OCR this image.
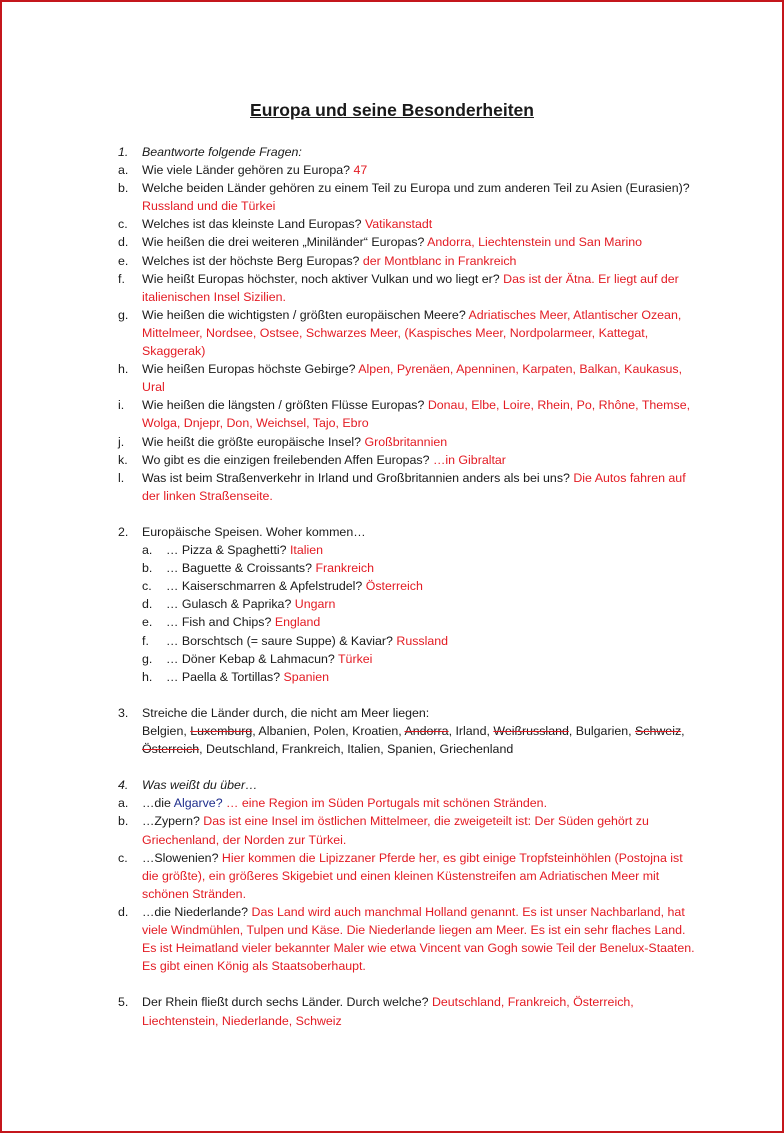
Europa und seine Besonderheiten
1.	Beantworte folgende Fragen:
a.	Wie viele Länder gehören zu Europa? 47
b.	Welche beiden Länder gehören zu einem Teil zu Europa und zum anderen Teil zu Asien (Eurasien)? Russland und die Türkei
c.	Welches ist das kleinste Land Europas? Vatikanstadt
d.	Wie heißen die drei weiteren „Miniländer“ Europas? Andorra, Liechtenstein und San Marino
e.	Welches ist der höchste Berg Europas? der Montblanc in Frankreich
f.	Wie heißt Europas höchster, noch aktiver Vulkan und wo liegt er? Das ist der Ätna. Er liegt auf der italienischen Insel Sizilien.
g.	Wie heißen die wichtigsten / größten europäischen Meere? Adriatisches Meer, Atlantischer Ozean, Mittelmeer, Nordsee, Ostsee, Schwarzes Meer, (Kaspisches Meer, Nordpolarmeer, Kattegat, Skaggerak)
h.	Wie heißen Europas höchste Gebirge? Alpen, Pyrenäen, Apenninen, Karpaten, Balkan, Kaukasus, Ural
i.	Wie heißen die längsten / größten Flüsse Europas? Donau, Elbe, Loire, Rhein, Po, Rhône, Themse, Wolga, Dnjepr, Don, Weichsel, Tajo, Ebro
j.	Wie heißt die größte europäische Insel? Großbritannien
k.	Wo gibt es die einzigen freilebenden Affen Europas? …in Gibraltar
l.	Was ist beim Straßenverkehr in Irland und Großbritannien anders als bei uns? Die Autos fahren auf der linken Straßenseite.
2.	Europäische Speisen. Woher kommen…
a.	… Pizza & Spaghetti? Italien
b.	… Baguette & Croissants? Frankreich
c.	… Kaiserschmarren & Apfelstrudel? Österreich
d.	… Gulasch & Paprika? Ungarn
e.	… Fish and Chips? England
f.	… Borschtsch (= saure Suppe) & Kaviar? Russland
g.	… Döner Kebap & Lahmacun? Türkei
h.	… Paella & Tortillas? Spanien
3.	Streiche die Länder durch, die nicht am Meer liegen:
Belgien, Luxemburg, Albanien, Polen, Kroatien, Andorra, Irland, Weißrussland, Bulgarien, Schweiz, Österreich, Deutschland, Frankreich, Italien, Spanien, Griechenland
4.	Was weißt du über…
a.	…die Algarve? … eine Region im Süden Portugals mit schönen Stränden.
b.	…Zypern? Das ist eine Insel im östlichen Mittelmeer, die zweigeteilt ist: Der Süden gehört zu Griechenland, der Norden zur Türkei.
c.	…Slowenien? Hier kommen die Lipizzaner Pferde her, es gibt einige Tropfsteinhöhlen (Postojna ist die größte), ein größeres Skigebiet und einen kleinen Küstenstreifen am Adriatischen Meer mit schönen Stränden.
d.	…die Niederlande? Das Land wird auch manchmal Holland genannt. Es ist unser Nachbarland, hat viele Windmühlen, Tulpen und Käse. Die Niederlande liegen am Meer. Es ist ein sehr flaches Land. Es ist Heimatland vieler bekannter Maler wie etwa Vincent van Gogh sowie Teil der Benelux-Staaten. Es gibt einen König als Staatsoberhaupt.
5.	Der Rhein fließt durch sechs Länder. Durch welche? Deutschland, Frankreich, Österreich, Liechtenstein, Niederlande, Schweiz
